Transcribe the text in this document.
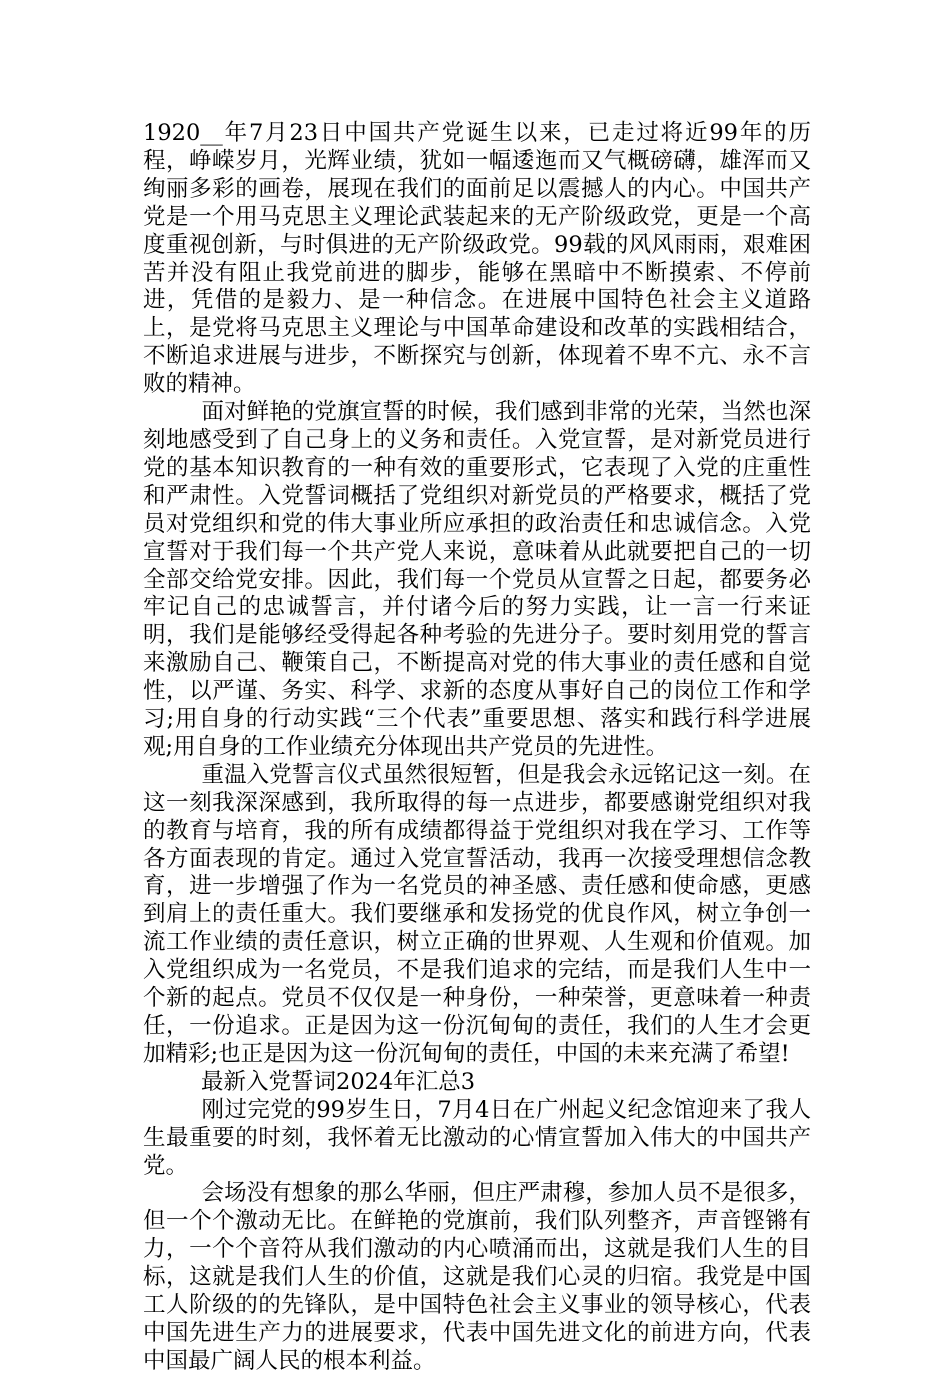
1920__年7月23日中国共产党诞生以来，已走过将近99年的历程，峥嵘岁月，光辉业绩，犹如一幅逶迤而又气概磅礴，雄浑而又绚丽多彩的画卷，展现在我们的面前足以震撼人的内心。中国共产党是一个用马克思主义理论武装起来的无产阶级政党，更是一个高度重视创新，与时俱进的无产阶级政党。99载的风风雨雨，艰难困苦并没有阻止我党前进的脚步，能够在黑暗中不断摸索、不停前进，凭借的是毅力、是一种信念。在进展中国特色社会主义道路上，是党将马克思主义理论与中国革命建设和改革的实践相结合，不断追求进展与进步，不断探究与创新，体现着不卑不亢、永不言败的精神。

面对鲜艳的党旗宣誓的时候，我们感到非常的光荣，当然也深刻地感受到了自己身上的义务和责任。入党宣誓，是对新党员进行党的基本知识教育的一种有效的重要形式，它表现了入党的庄重性和严肃性。入党誓词概括了党组织对新党员的严格要求，概括了党员对党组织和党的伟大事业所应承担的政治责任和忠诚信念。入党宣誓对于我们每一个共产党人来说，意味着从此就要把自己的一切全部交给党安排。因此，我们每一个党员从宣誓之日起，都要务必牢记自己的忠诚誓言，并付诸今后的努力实践，让一言一行来证明，我们是能够经受得起各种考验的先进分子。要时刻用党的誓言来激励自己、鞭策自己，不断提高对党的伟大事业的责任感和自觉性，以严谨、务实、科学、求新的态度从事好自己的岗位工作和学习;用自身的行动实践“三个代表”重要思想、落实和践行科学进展观;用自身的工作业绩充分体现出共产党员的先进性。

重温入党誓言仪式虽然很短暂，但是我会永远铭记这一刻。在这一刻我深深感到，我所取得的每一点进步，都要感谢党组织对我的教育与培育，我的所有成绩都得益于党组织对我在学习、工作等各方面表现的肯定。通过入党宣誓活动，我再一次接受理想信念教育，进一步增强了作为一名党员的神圣感、责任感和使命感，更感到肩上的责任重大。我们要继承和发扬党的优良作风，树立争创一流工作业绩的责任意识，树立正确的世界观、人生观和价值观。加入党组织成为一名党员，不是我们追求的完结，而是我们人生中一个新的起点。党员不仅仅是一种身份，一种荣誉，更意味着一种责任，一份追求。正是因为这一份沉甸甸的责任，我们的人生才会更加精彩;也正是因为这一份沉甸甸的责任，中国的未来充满了希望!

最新入党誓词2024年汇总3

刚过完党的99岁生日，7月4日在广州起义纪念馆迎来了我人生最重要的时刻，我怀着无比激动的心情宣誓加入伟大的中国共产党。

会场没有想象的那么华丽，但庄严肃穆，参加人员不是很多，但一个个激动无比。在鲜艳的党旗前，我们队列整齐，声音铿锵有力，一个个音符从我们激动的内心喷涌而出，这就是我们人生的目标，这就是我们人生的价值，这就是我们心灵的归宿。我党是中国工人阶级的的先锋队，是中国特色社会主义事业的领导核心，代表中国先进生产力的进展要求，代表中国先进文化的前进方向，代表中国最广阔人民的根本利益。
